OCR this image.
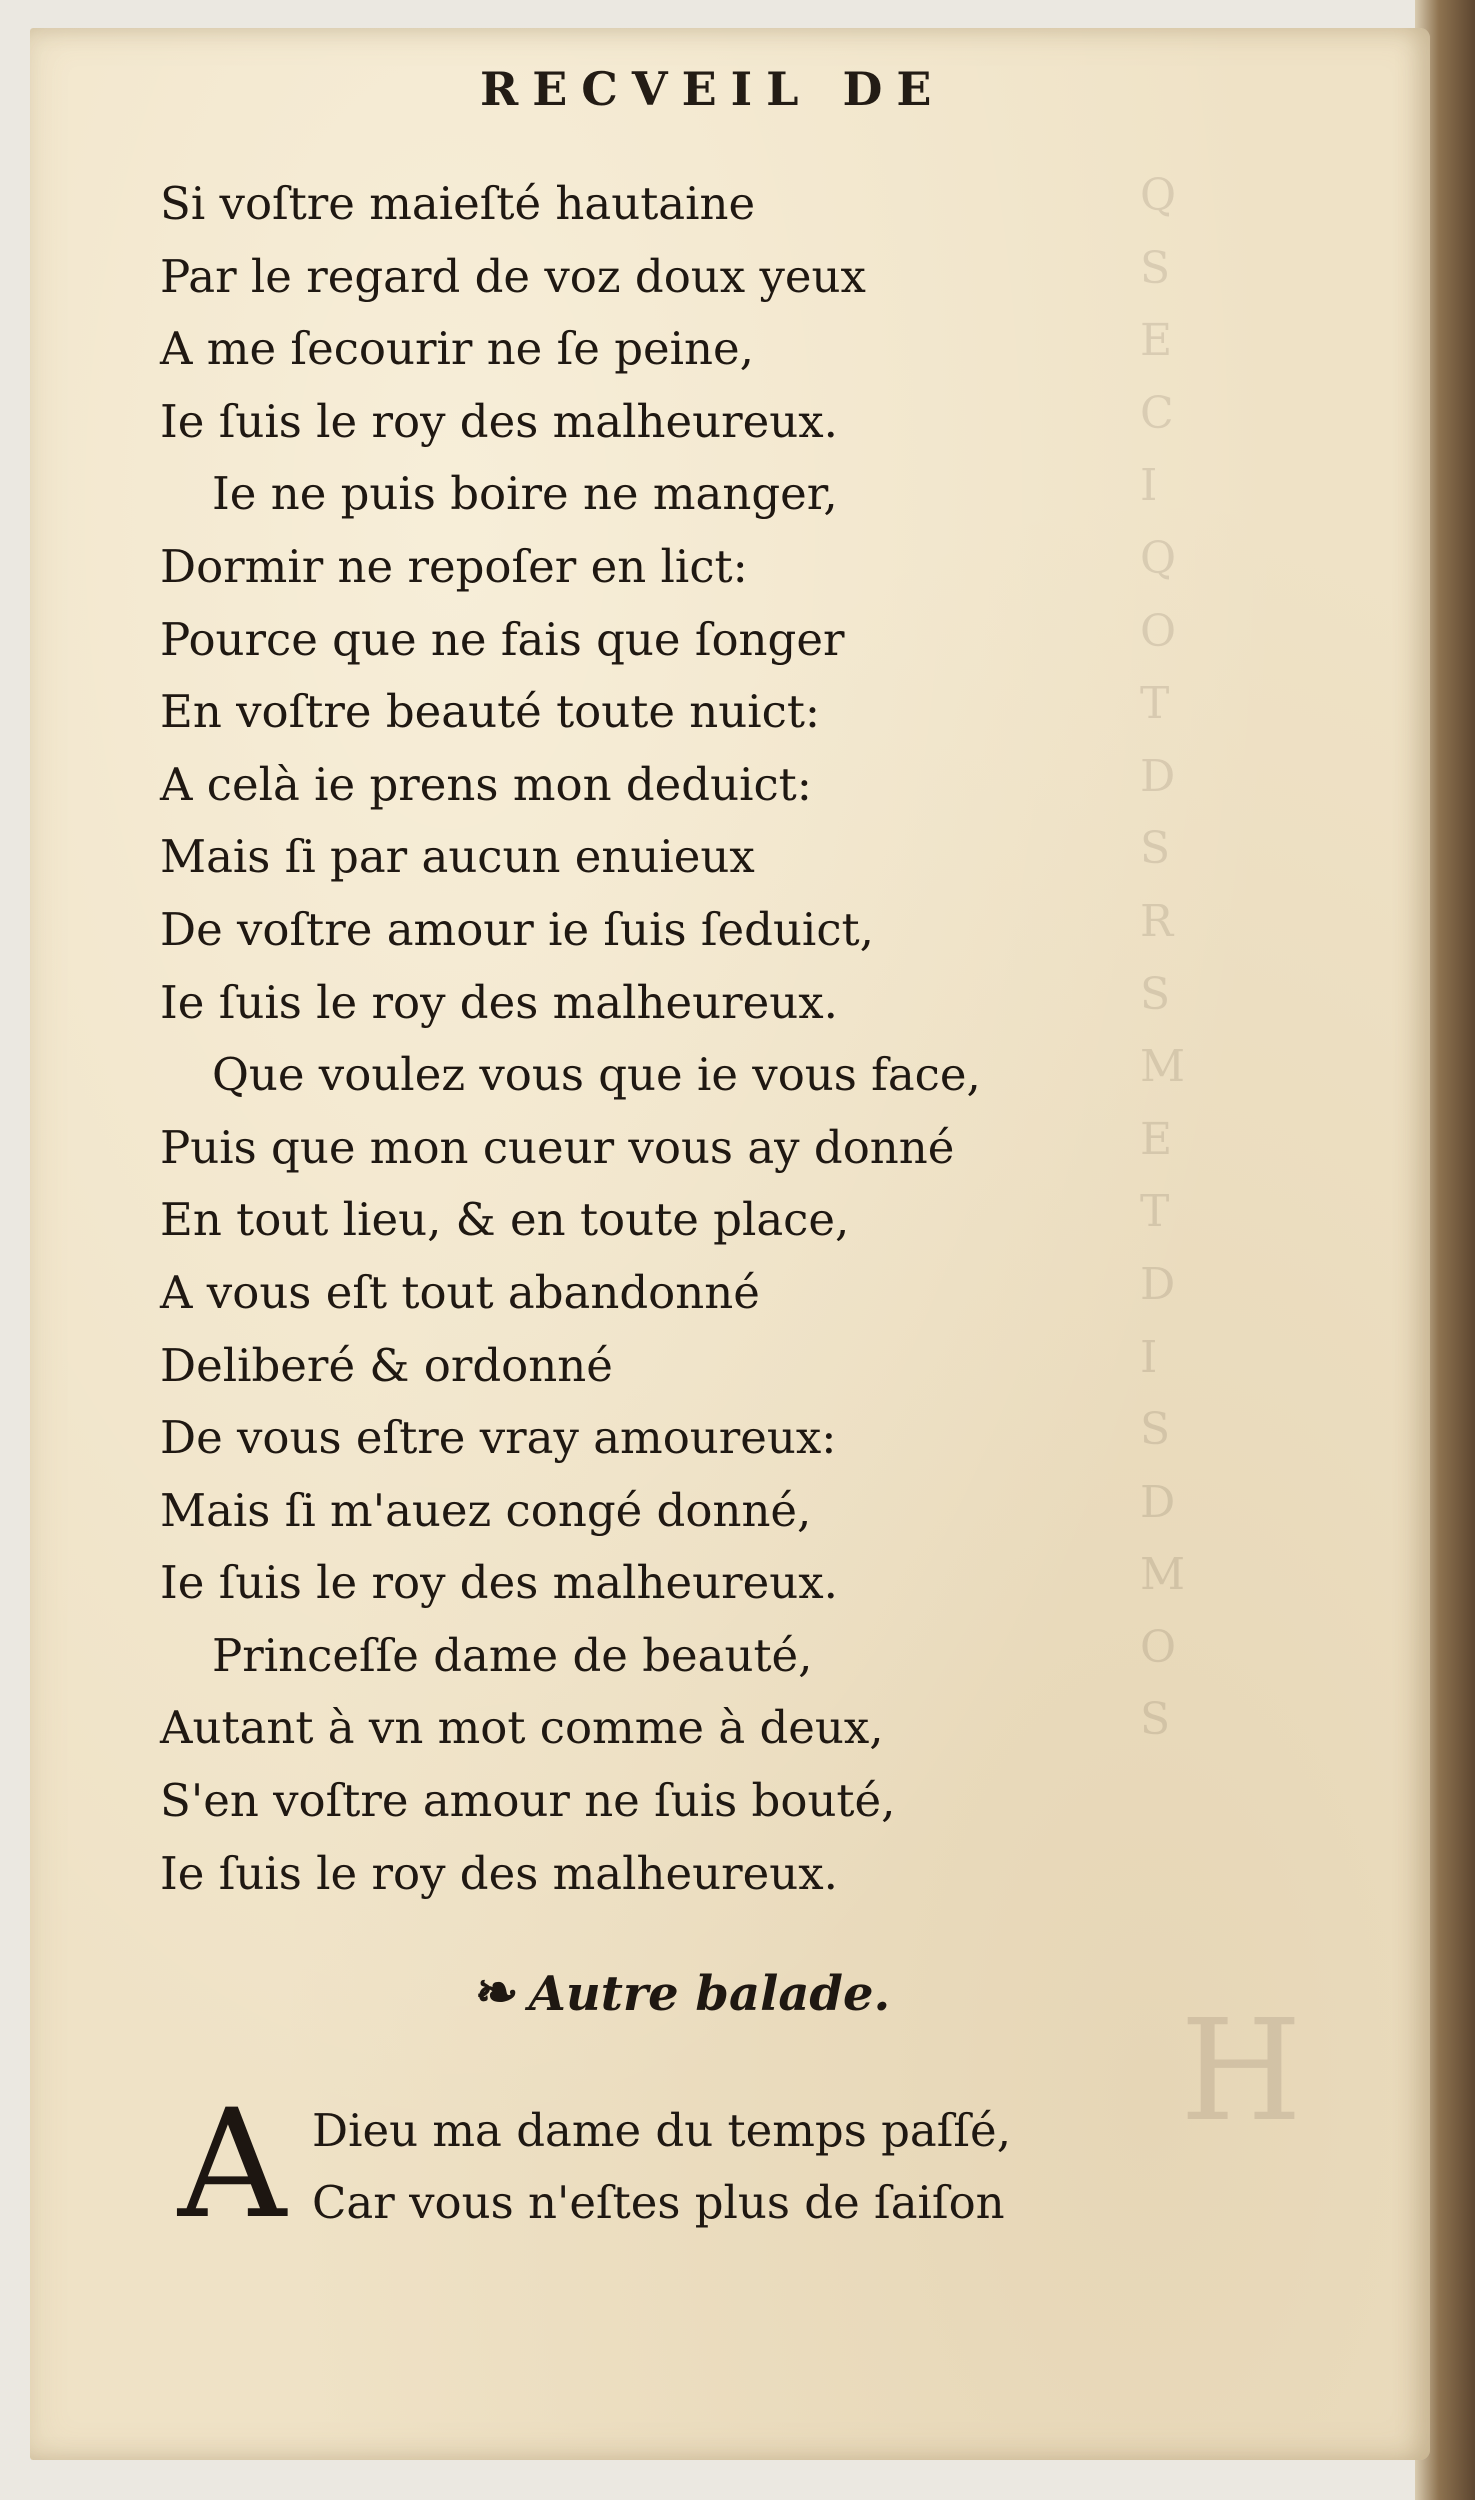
Q
S
E
C
I
Q
O
T
D
S
R
S
M
E
T
D
I
S
D
M
O
S
H
RECVEIL DE
Si voſtre maieſté hautaine
Par le regard de voz doux yeux
A me ſecourir ne ſe peine,
Ie ſuis le roy des malheureux.
Ie ne puis boire ne manger,
Dormir ne repoſer en lict:
Pource que ne fais que ſonger
En voſtre beauté toute nuict:
A celà ie prens mon deduict:
Mais ſi par aucun enuieux
De voſtre amour ie ſuis ſeduict,
Ie ſuis le roy des malheureux.
Que voulez vous que ie vous face,
Puis que mon cueur vous ay donné
En tout lieu, & en toute place,
A vous eſt tout abandonné
Deliberé & ordonné
De vous eſtre vray amoureux:
Mais ſi m'auez congé donné,
Ie ſuis le roy des malheureux.
Princeſſe dame de beauté,
Autant à vn mot comme à deux,
S'en voſtre amour ne ſuis bouté,
Ie ſuis le roy des malheureux.
❧ Autre balade.
A Dieu ma dame du temps paſſé,
Car vous n'eſtes plus de ſaiſon
